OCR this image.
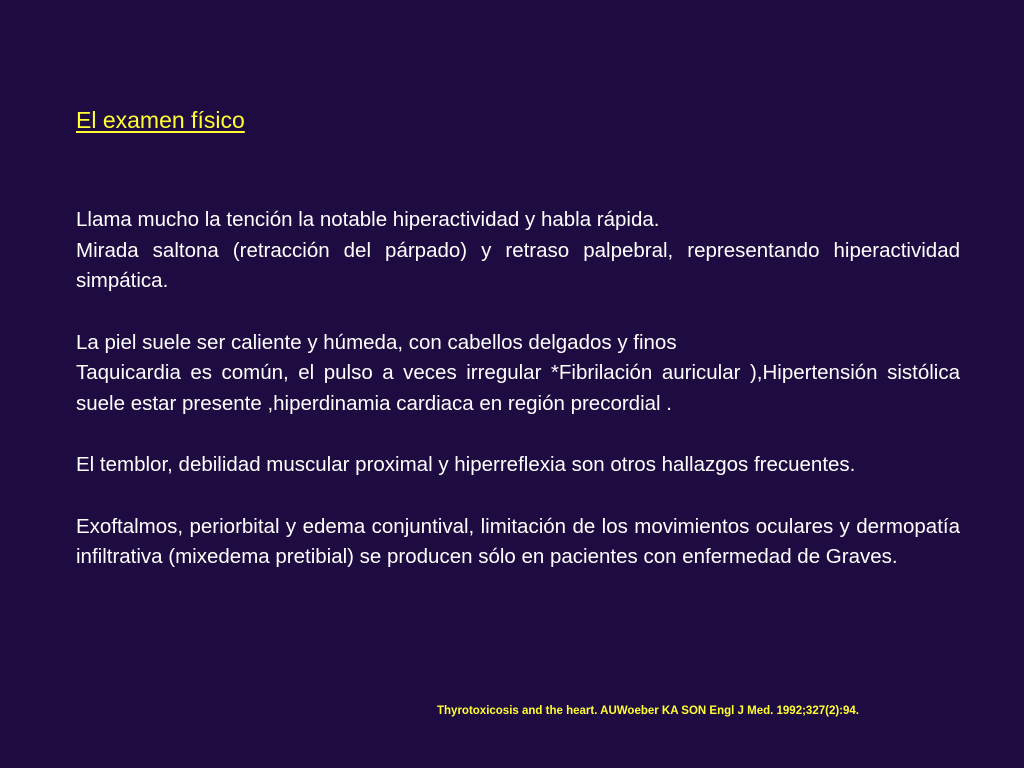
El examen físico

Llama mucho la tención la notable hiperactividad y habla rápida.
Mirada saltona (retracción del párpado) y retraso palpebral, representando hiperactividad simpática.

La piel suele ser caliente y húmeda, con cabellos delgados y finos
Taquicardia es común, el pulso a veces irregular *Fibrilación auricular ),Hipertensión sistólica suele estar presente ,hiperdinamia cardiaca en región precordial .

El temblor, debilidad muscular proximal y hiperreflexia son otros hallazgos frecuentes.

Exoftalmos, periorbital y edema conjuntival, limitación de los movimientos oculares y dermopatía infiltrativa (mixedema pretibial) se producen sólo en pacientes con enfermedad de Graves.

Thyrotoxicosis and the heart. AUWoeber KA SON Engl J Med. 1992;327(2):94.
